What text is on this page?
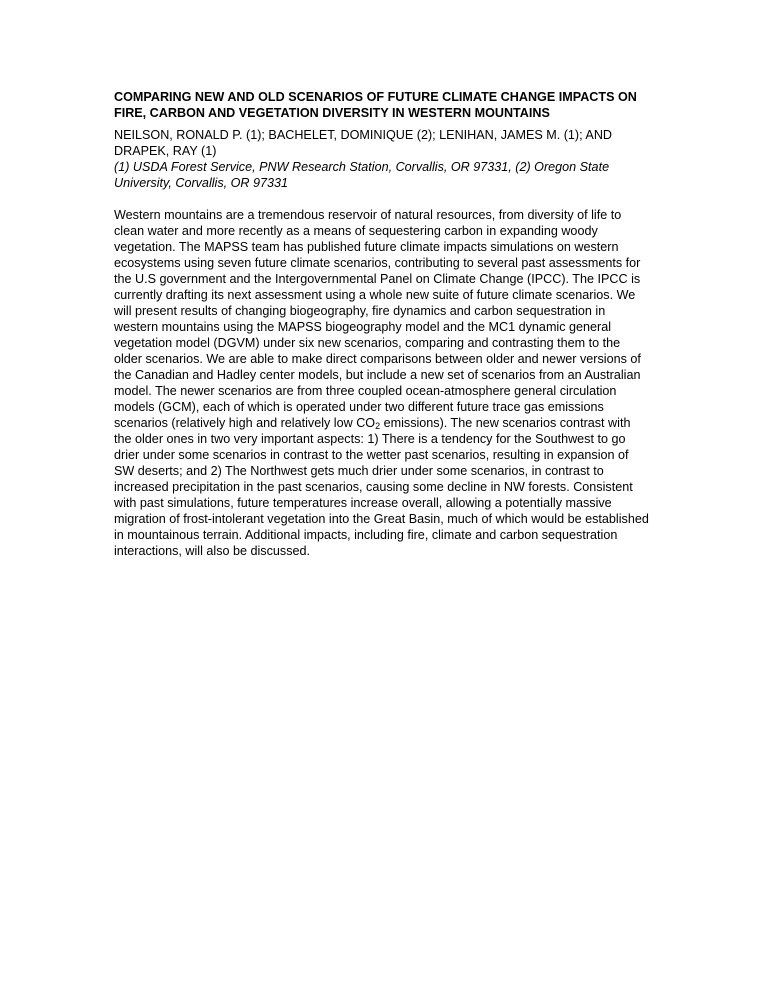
COMPARING NEW AND OLD SCENARIOS OF FUTURE CLIMATE CHANGE IMPACTS ON FIRE, CARBON AND VEGETATION DIVERSITY IN WESTERN MOUNTAINS

NEILSON, RONALD P. (1); BACHELET, DOMINIQUE (2); LENIHAN, JAMES M. (1); AND DRAPEK, RAY (1)

(1) USDA Forest Service, PNW Research Station, Corvallis, OR 97331, (2) Oregon State University, Corvallis, OR 97331

Western mountains are a tremendous reservoir of natural resources, from diversity of life to clean water and more recently as a means of sequestering carbon in expanding woody vegetation. The MAPSS team has published future climate impacts simulations on western ecosystems using seven future climate scenarios, contributing to several past assessments for the U.S government and the Intergovernmental Panel on Climate Change (IPCC). The IPCC is currently drafting its next assessment using a whole new suite of future climate scenarios. We will present results of changing biogeography, fire dynamics and carbon sequestration in western mountains using the MAPSS biogeography model and the MC1 dynamic general vegetation model (DGVM) under six new scenarios, comparing and contrasting them to the older scenarios. We are able to make direct comparisons between older and newer versions of the Canadian and Hadley center models, but include a new set of scenarios from an Australian model. The newer scenarios are from three coupled ocean-atmosphere general circulation models (GCM), each of which is operated under two different future trace gas emissions scenarios (relatively high and relatively low $CO_2$ emissions). The new scenarios contrast with the older ones in two very important aspects: 1) There is a tendency for the Southwest to go drier under some scenarios in contrast to the wetter past scenarios, resulting in expansion of SW deserts; and 2) The Northwest gets much drier under some scenarios, in contrast to increased precipitation in the past scenarios, causing some decline in NW forests. Consistent with past simulations, future temperatures increase overall, allowing a potentially massive migration of frost-intolerant vegetation into the Great Basin, much of which would be established in mountainous terrain. Additional impacts, including fire, climate and carbon sequestration interactions, will also be discussed.
